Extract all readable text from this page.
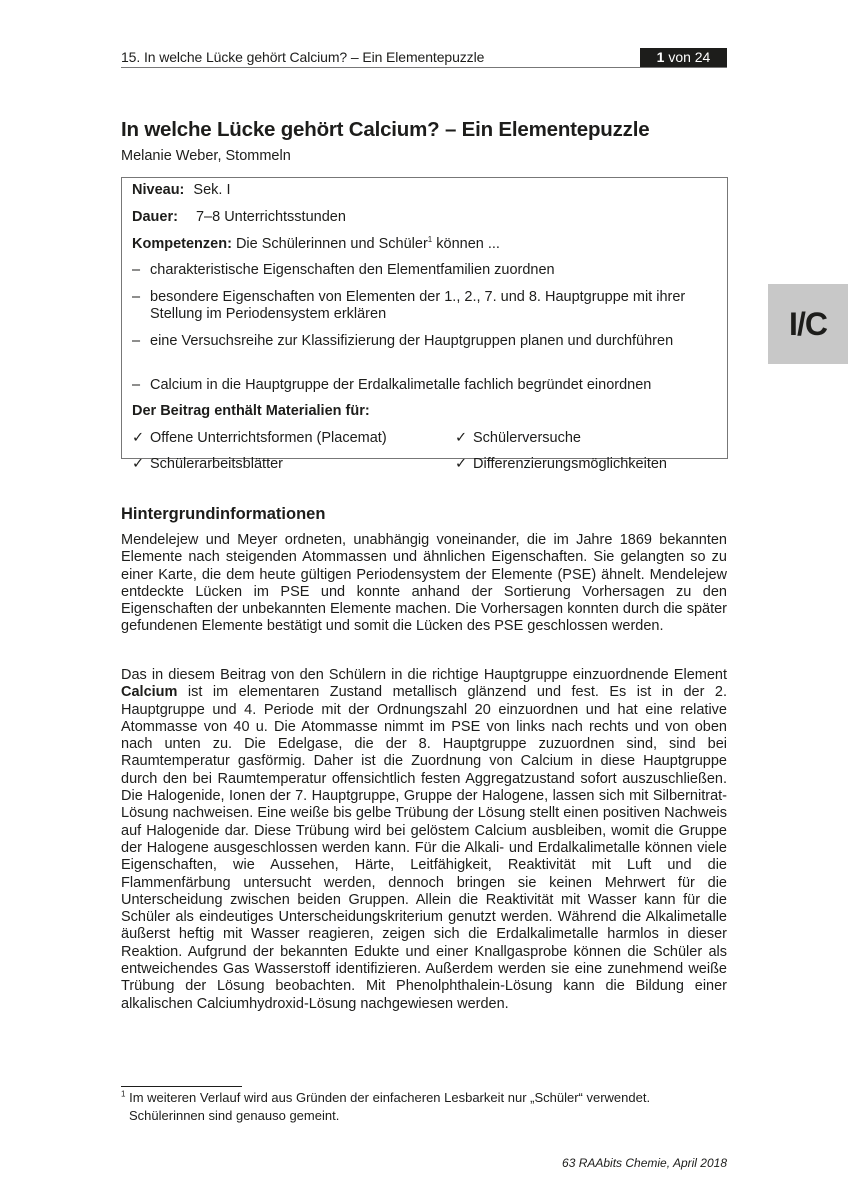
15. In welche Lücke gehört Calcium? – Ein Elementepuzzle	1 von 24
I/C
In welche Lücke gehört Calcium? – Ein Elementepuzzle
Melanie Weber, Stommeln
Niveau: Sek. I
Dauer: 7–8 Unterrichtsstunden
Kompetenzen: Die Schülerinnen und Schüler$^1$ können ...
– charakteristische Eigenschaften den Elementfamilien zuordnen
– besondere Eigenschaften von Elementen der 1., 2., 7. und 8. Hauptgruppe mit ihrer Stellung im Periodensystem erklären
– eine Versuchsreihe zur Klassifizierung der Hauptgruppen planen und durchführen
– Calcium in die Hauptgruppe der Erdalkalimetalle fachlich begründet einordnen
Der Beitrag enthält Materialien für:
✓ Offene Unterrichtsformen (Placemat)	✓ Schülerversuche
✓ Schülerarbeitsblätter	✓ Differenzierungsmöglichkeiten
Hintergrundinformationen

Mendelejew und Meyer ordneten, unabhängig voneinander, die im Jahre 1869 bekannten Elemente nach steigenden Atommassen und ähnlichen Eigenschaften. Sie gelangten so zu einer Karte, die dem heute gültigen Periodensystem der Elemente (PSE) ähnelt. Mendelejew entdeckte Lücken im PSE und konnte anhand der Sortierung Vorhersagen zu den Eigenschaften der unbekannten Elemente machen. Die Vorhersagen konnten durch die später gefundenen Elemente bestätigt und somit die Lücken des PSE geschlossen werden.

Das in diesem Beitrag von den Schülern in die richtige Hauptgruppe einzuordnende Element Calcium ist im elementaren Zustand metallisch glänzend und fest. Es ist in der 2. Hauptgruppe und 4. Periode mit der Ordnungszahl 20 einzuordnen und hat eine relative Atommasse von 40 u. Die Atommasse nimmt im PSE von links nach rechts und von oben nach unten zu. Die Edelgase, die der 8. Hauptgruppe zuzuordnen sind, sind bei Raumtemperatur gasförmig. Daher ist die Zuordnung von Calcium in diese Hauptgruppe durch den bei Raumtemperatur offensichtlich festen Aggregatzustand sofort auszuschließen. Die Halogenide, Ionen der 7. Hauptgruppe, Gruppe der Halogene, lassen sich mit Silbernitrat-Lösung nachweisen. Eine weiße bis gelbe Trübung der Lösung stellt einen positiven Nachweis auf Halogenide dar. Diese Trübung wird bei gelöstem Calcium ausbleiben, womit die Gruppe der Halogene ausgeschlossen werden kann. Für die Alkali- und Erdalkalimetalle können viele Eigenschaften, wie Aussehen, Härte, Leitfähigkeit, Reaktivität mit Luft und die Flammenfärbung untersucht werden, dennoch bringen sie keinen Mehrwert für die Unterscheidung zwischen beiden Gruppen. Allein die Reaktivität mit Wasser kann für die Schüler als eindeutiges Unterscheidungskriterium genutzt werden. Während die Alkalimetalle äußerst heftig mit Wasser reagieren, zeigen sich die Erdalkalimetalle harmlos in dieser Reaktion. Aufgrund der bekannten Edukte und einer Knallgasprobe können die Schüler als entweichendes Gas Wasserstoff identifizieren. Außerdem werden sie eine zunehmend weiße Trübung der Lösung beobachten. Mit Phenolphthalein-Lösung kann die Bildung einer alkalischen Calciumhydroxid-Lösung nachgewiesen werden.

$^1$ Im weiteren Verlauf wird aus Gründen der einfacheren Lesbarkeit nur „Schüler“ verwendet.
Schülerinnen sind genauso gemeint.
63 RAAbits Chemie, April 2018
